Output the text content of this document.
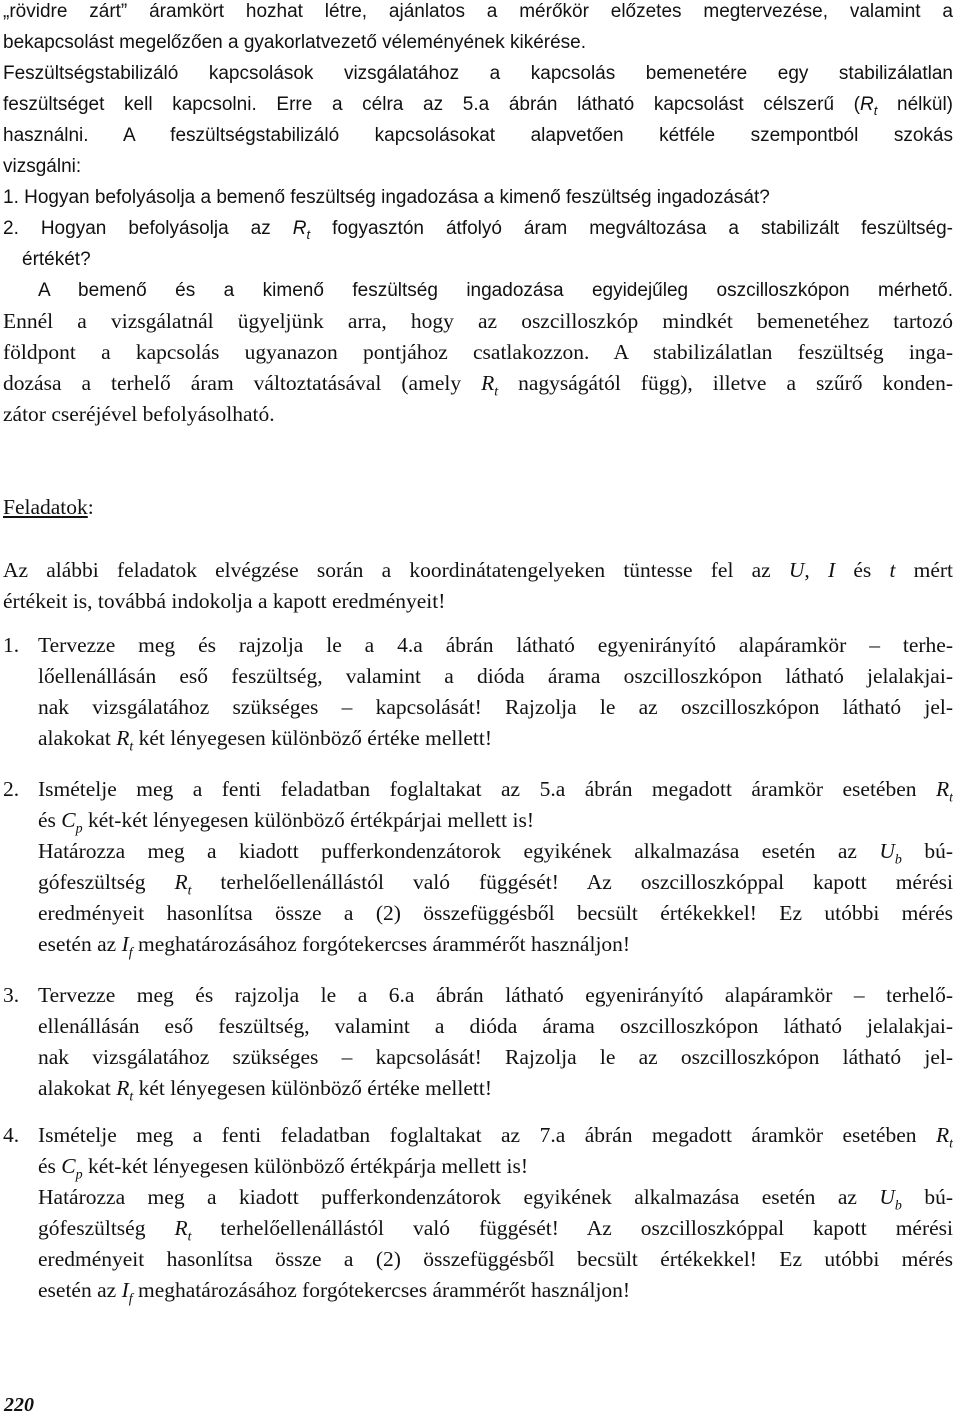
„rövidre zárt” áramkört hozhat létre, ajánlatos a mérőkör előzetes megtervezése, valamint a
bekapcsolást megelőzően a gyakorlatvezető véleményének kikérése.
Feszültségstabilizáló kapcsolások vizsgálatához a kapcsolás bemenetére egy stabilizálatlan
feszültséget kell kapcsolni. Erre a célra az 5.a ábrán látható kapcsolást célszerű ($R_t$ nélkül)
használni. A feszültségstabilizáló kapcsolásokat alapvetően kétféle szempontból szokás
vizsgálni:
1. Hogyan befolyásolja a bemenő feszültség ingadozása a kimenő feszültség ingadozását?
2. Hogyan befolyásolja az $R_t$ fogyasztón átfolyó áram megváltozása a stabilizált feszültség-
értékét?
A bemenő és a kimenő feszültség ingadozása egyidejűleg oszcilloszkópon mérhető.
Ennél a vizsgálatnál ügyeljünk arra, hogy az oszcilloszkóp mindkét bemenetéhez tartozó
földpont a kapcsolás ugyanazon pontjához csatlakozzon. A stabilizálatlan feszültség inga-
dozása a terhelő áram változtatásával (amely $R_t$ nagyságától függ), illetve a szűrő konden-
zátor cseréjével befolyásolható.
Feladatok:
Az alábbi feladatok elvégzése során a koordinátatengelyeken tüntesse fel az U, I és t mért
értékeit is, továbbá indokolja a kapott eredményeit!
1. Tervezze meg és rajzolja le a 4.a ábrán látható egyenirányító alapáramkör – terhe-
lőellenállásán eső feszültség, valamint a dióda árama oszcilloszkópon látható jelalakjai-
nak vizsgálatához szükséges – kapcsolását! Rajzolja le az oszcilloszkópon látható jel-
alakokat $R_t$ két lényegesen különböző értéke mellett!
2. Ismételje meg a fenti feladatban foglaltakat az 5.a ábrán megadott áramkör esetében $R_t$
és $C_p$ két-két lényegesen különböző értékpárjai mellett is!
Határozza meg a kiadott pufferkondenzátorok egyikének alkalmazása esetén az $U_b$ bú-
gófeszültség $R_t$ terhelőellenállástól való függését! Az oszcilloszkóppal kapott mérési
eredményeit hasonlítsa össze a (2) összefüggésből becsült értékekkel! Ez utóbbi mérés
esetén az $I_f$ meghatározásához forgótekercses árammérőt használjon!
3. Tervezze meg és rajzolja le a 6.a ábrán látható egyenirányító alapáramkör – terhelő-
ellenállásán eső feszültség, valamint a dióda árama oszcilloszkópon látható jelalakjai-
nak vizsgálatához szükséges – kapcsolását! Rajzolja le az oszcilloszkópon látható jel-
alakokat $R_t$ két lényegesen különböző értéke mellett!
4. Ismételje meg a fenti feladatban foglaltakat az 7.a ábrán megadott áramkör esetében $R_t$
és $C_p$ két-két lényegesen különböző értékpárja mellett is!
Határozza meg a kiadott pufferkondenzátorok egyikének alkalmazása esetén az $U_b$ bú-
gófeszültség $R_t$ terhelőellenállástól való függését! Az oszcilloszkóppal kapott mérési
eredményeit hasonlítsa össze a (2) összefüggésből becsült értékekkel! Ez utóbbi mérés
esetén az $I_f$ meghatározásához forgótekercses árammérőt használjon!
220
